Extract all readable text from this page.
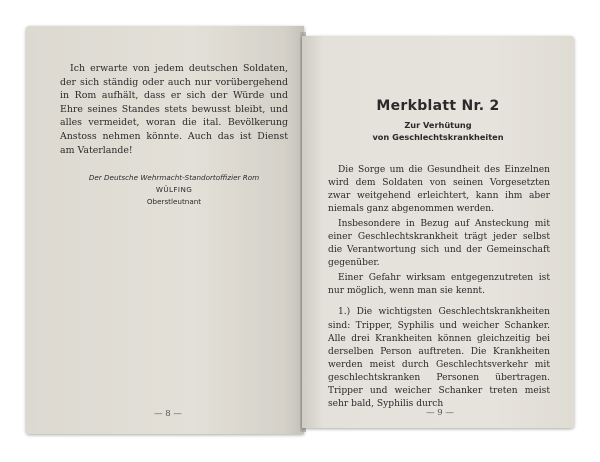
Ich erwarte von jedem deutschen Soldaten, der sich ständig oder auch nur vorübergehend in Rom aufhält, dass er sich der Würde und Ehre seines Standes stets bewusst bleibt, und alles vermeidet, woran die ital. Bevölkerung Anstoss nehmen könnte. Auch das ist Dienst am Vaterlande!

Der Deutsche Wehrmacht-Standortoffizier Rom
WÜLFING
Oberstleutnant
— 8 —
Merkblatt Nr. 2
Zur Verhütung
von Geschlechtskrankheiten

Die Sorge um die Gesundheit des Einzelnen wird dem Soldaten von seinen Vorgesetzten zwar weitgehend erleichtert, kann ihm aber niemals ganz abgenommen werden.

Insbesondere in Bezug auf Ansteckung mit einer Geschlechtskrankheit trägt jeder selbst die Verantwortung sich und der Gemeinschaft gegenüber.

Einer Gefahr wirksam entgegenzutreten ist nur möglich, wenn man sie kennt.

1.) Die wichtigsten Geschlechtskrankheiten sind: Tripper, Syphilis und weicher Schanker. Alle drei Krankheiten können gleichzeitig bei derselben Person auftreten. Die Krankheiten werden meist durch Geschlechtsverkehr mit geschlechtskranken Personen übertragen. Tripper und weicher Schanker treten meist sehr bald, Syphilis durch

— 9 —
